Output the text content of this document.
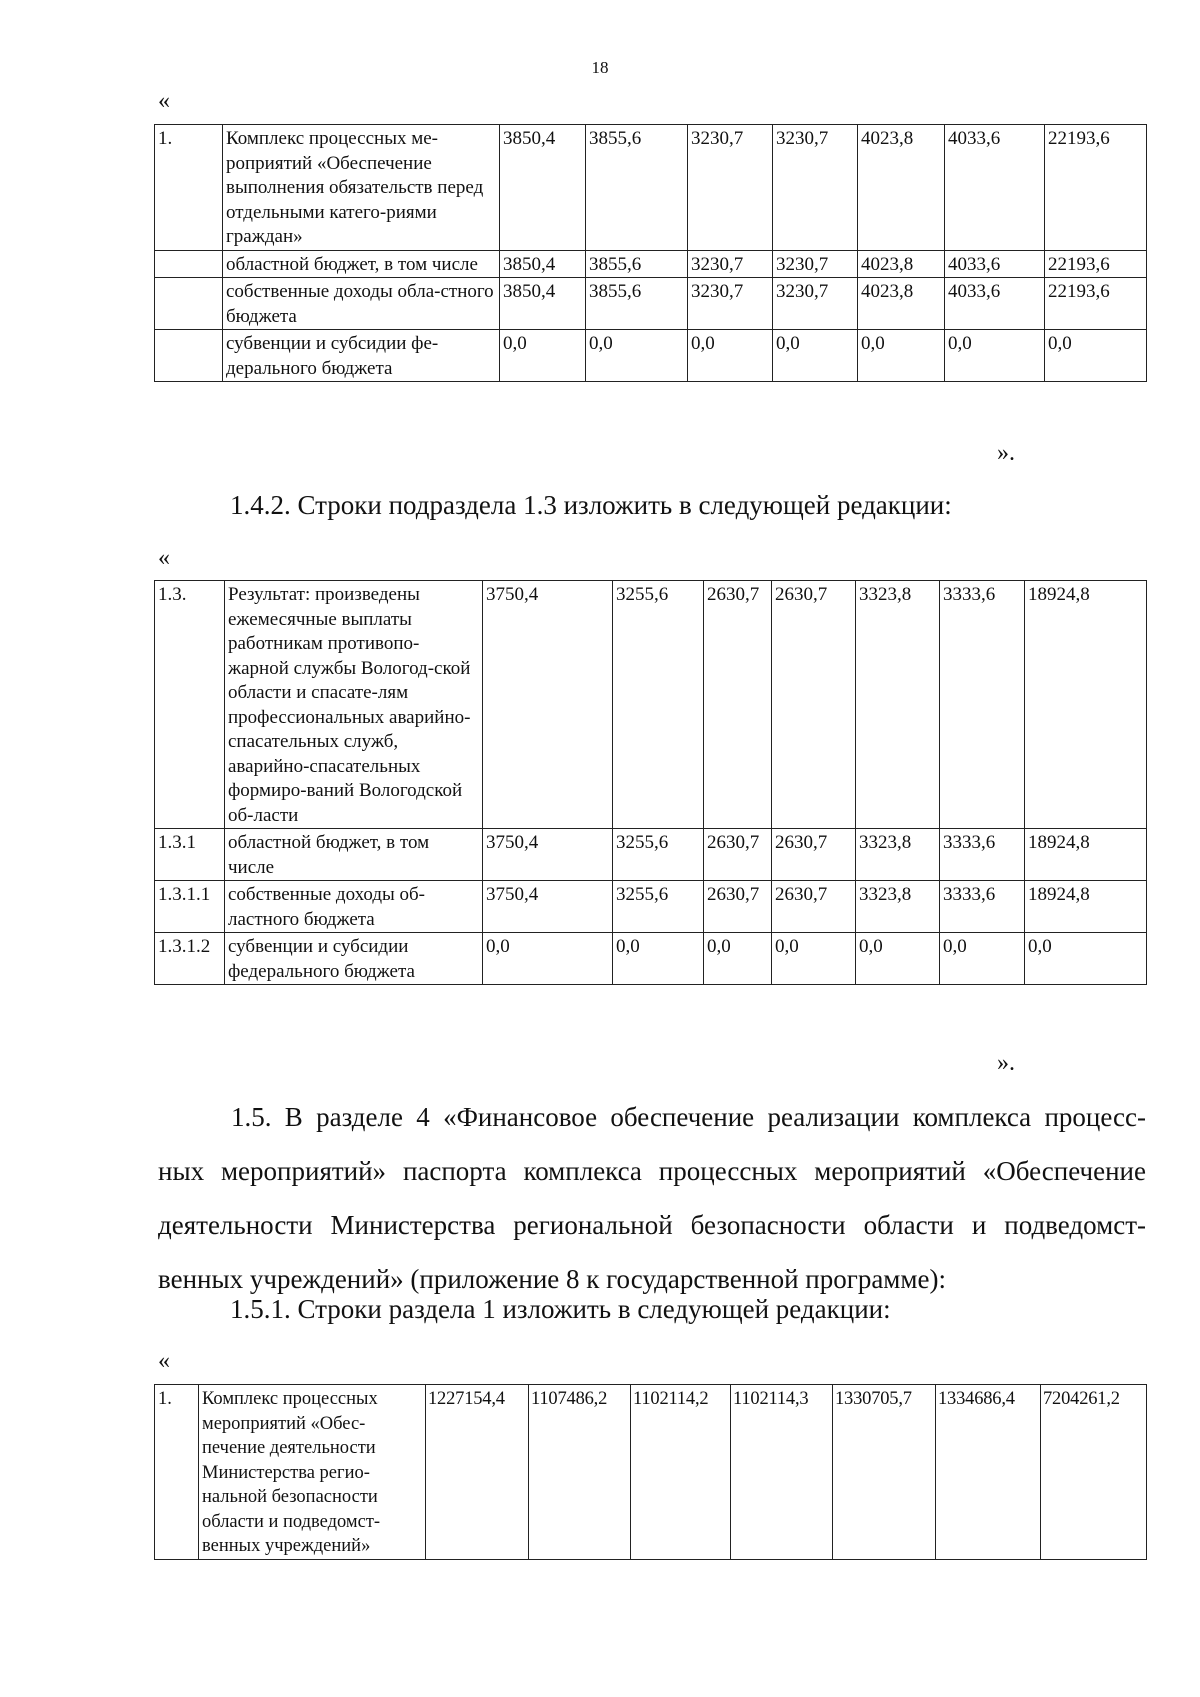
18
«
1.	Комплекс процессных ме-роприятий «Обеспечение выполнения обязательств перед отдельными катего-риями граждан»	3850,4	3855,6	3230,7	3230,7	4023,8	4033,6	22193,6
	областной бюджет, в том числе	3850,4	3855,6	3230,7	3230,7	4023,8	4033,6	22193,6
	собственные доходы обла-стного бюджета	3850,4	3855,6	3230,7	3230,7	4023,8	4033,6	22193,6
	субвенции и субсидии фе-дерального бюджета	0,0	0,0	0,0	0,0	0,0	0,0	0,0
».

1.4.2. Строки подраздела 1.3 изложить в следующей редакции:

«
1.3.	Результат: произведены ежемесячные выплаты работникам противопо-жарной службы Вологод-ской области и спасате-лям профессиональных аварийно-спасательных служб, аварийно-спасательных формиро-ваний Вологодской об-ласти	3750,4	3255,6	2630,7	2630,7	3323,8	3333,6	18924,8
1.3.1	областной бюджет, в том числе	3750,4	3255,6	2630,7	2630,7	3323,8	3333,6	18924,8
1.3.1.1	собственные доходы об-ластного бюджета	3750,4	3255,6	2630,7	2630,7	3323,8	3333,6	18924,8
1.3.1.2	субвенции и субсидии федерального бюджета	0,0	0,0	0,0	0,0	0,0	0,0	0,0
».

1.5. В разделе 4 «Финансовое обеспечение реализации комплекса процесс-

ных мероприятий» паспорта комплекса процессных мероприятий «Обеспечение

деятельности Министерства региональной безопасности области и подведомст-

венных учреждений» (приложение 8 к государственной программе):

1.5.1. Строки раздела 1 изложить в следующей редакции:

«
1.	Комплекс процессных мероприятий «Обес-печение деятельности Министерства регио-нальной безопасности области и подведомст-венных учреждений»	1227154,4	1107486,2	1102114,2	1102114,3	1330705,7	1334686,4	7204261,2
